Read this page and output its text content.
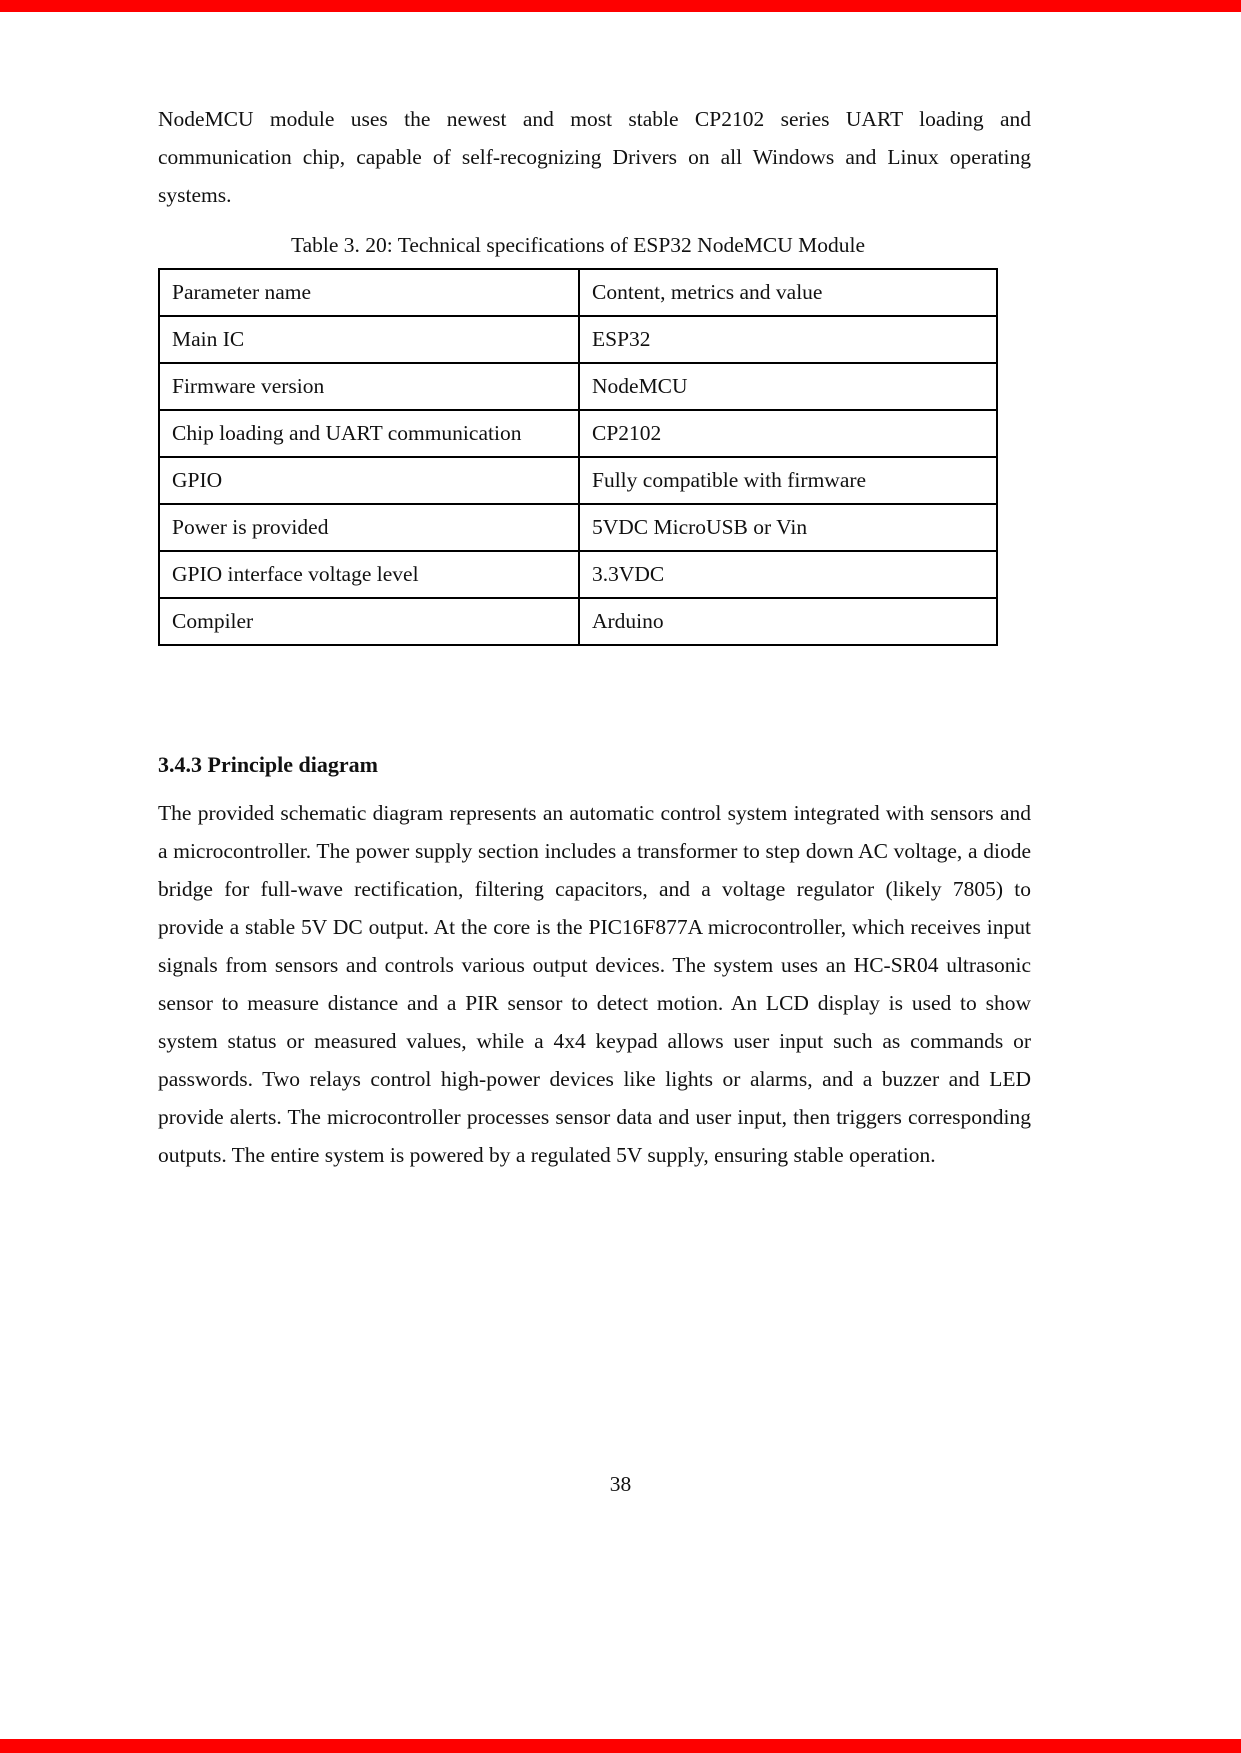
NodeMCU module uses the newest and most stable CP2102 series UART loading and communication chip, capable of self-recognizing Drivers on all Windows and Linux operating systems.

Table 3. 20: Technical specifications of ESP32 NodeMCU Module
Parameter name	Content, metrics and value
Main IC	ESP32
Firmware version	NodeMCU
Chip loading and UART communication	CP2102
GPIO	Fully compatible with firmware
Power is provided	5VDC MicroUSB or Vin
GPIO interface voltage level	3.3VDC
Compiler	Arduino
3.4.3 Principle diagram

The provided schematic diagram represents an automatic control system integrated with sensors and a microcontroller. The power supply section includes a transformer to step down AC voltage, a diode bridge for full-wave rectification, filtering capacitors, and a voltage regulator (likely 7805) to provide a stable 5V DC output. At the core is the PIC16F877A microcontroller, which receives input signals from sensors and controls various output devices. The system uses an HC-SR04 ultrasonic sensor to measure distance and a PIR sensor to detect motion. An LCD display is used to show system status or measured values, while a 4x4 keypad allows user input such as commands or passwords. Two relays control high-power devices like lights or alarms, and a buzzer and LED provide alerts. The microcontroller processes sensor data and user input, then triggers corresponding outputs. The entire system is powered by a regulated 5V supply, ensuring stable operation.

38
